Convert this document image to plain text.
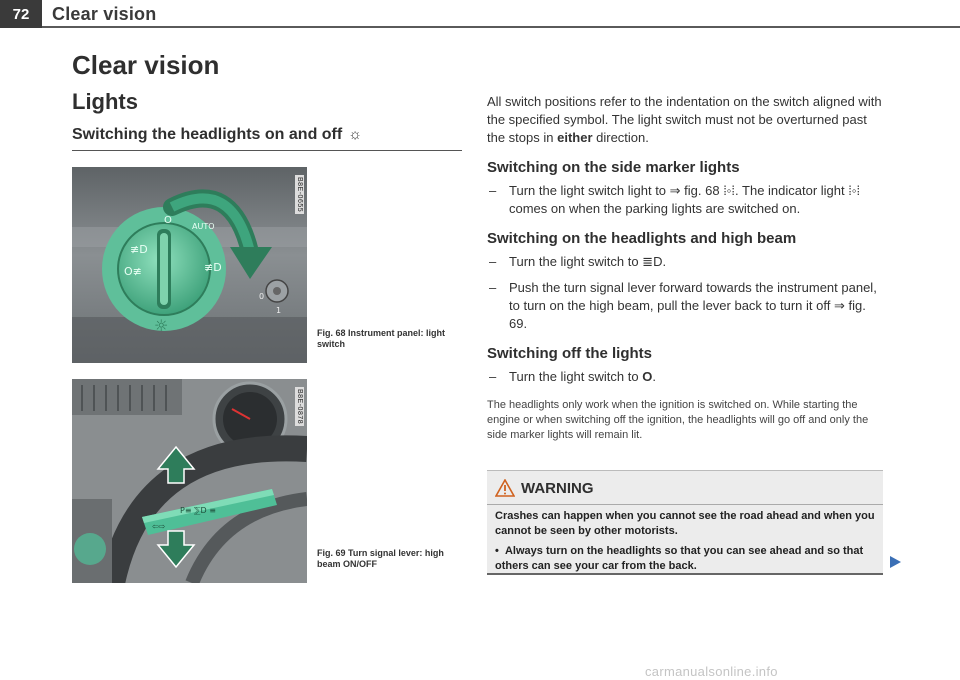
72	Clear vision
Clear vision
Lights
Switching the headlights on and off ☼
≢D
O≢
☼
≢D
AUTO
O
0
1
B8E-0655
Fig. 68 Instrument panel: light switch
P≡ ⅀D ≡
⇦⇨
B8E-0878
Fig. 69 Turn signal lever: high beam ON/OFF

All switch positions refer to the indentation on the switch aligned with the specified symbol. The light switch must not be overturned past the stops in either direction.

Switching on the side marker lights

– Turn the light switch light to ⇒ fig. 68 ⁞◦⁞. The indicator light ⁞◦⁞ comes on when the parking lights are switched on.

Switching on the headlights and high beam

– Turn the light switch to ≣D.

– Push the turn signal lever forward towards the instrument panel, to turn on the high beam, pull the lever back to turn it off ⇒ fig. 69.

Switching off the lights

– Turn the light switch to O.

The headlights only work when the ignition is switched on. While starting the engine or when switching off the ignition, the headlights will go off and only the side marker lights will remain lit.

WARNING

Crashes can happen when you cannot see the road ahead and when you cannot be seen by other motorists.

• Always turn on the headlights so that you can see ahead and so that others can see your car from the back.

carmanualsonline.info
